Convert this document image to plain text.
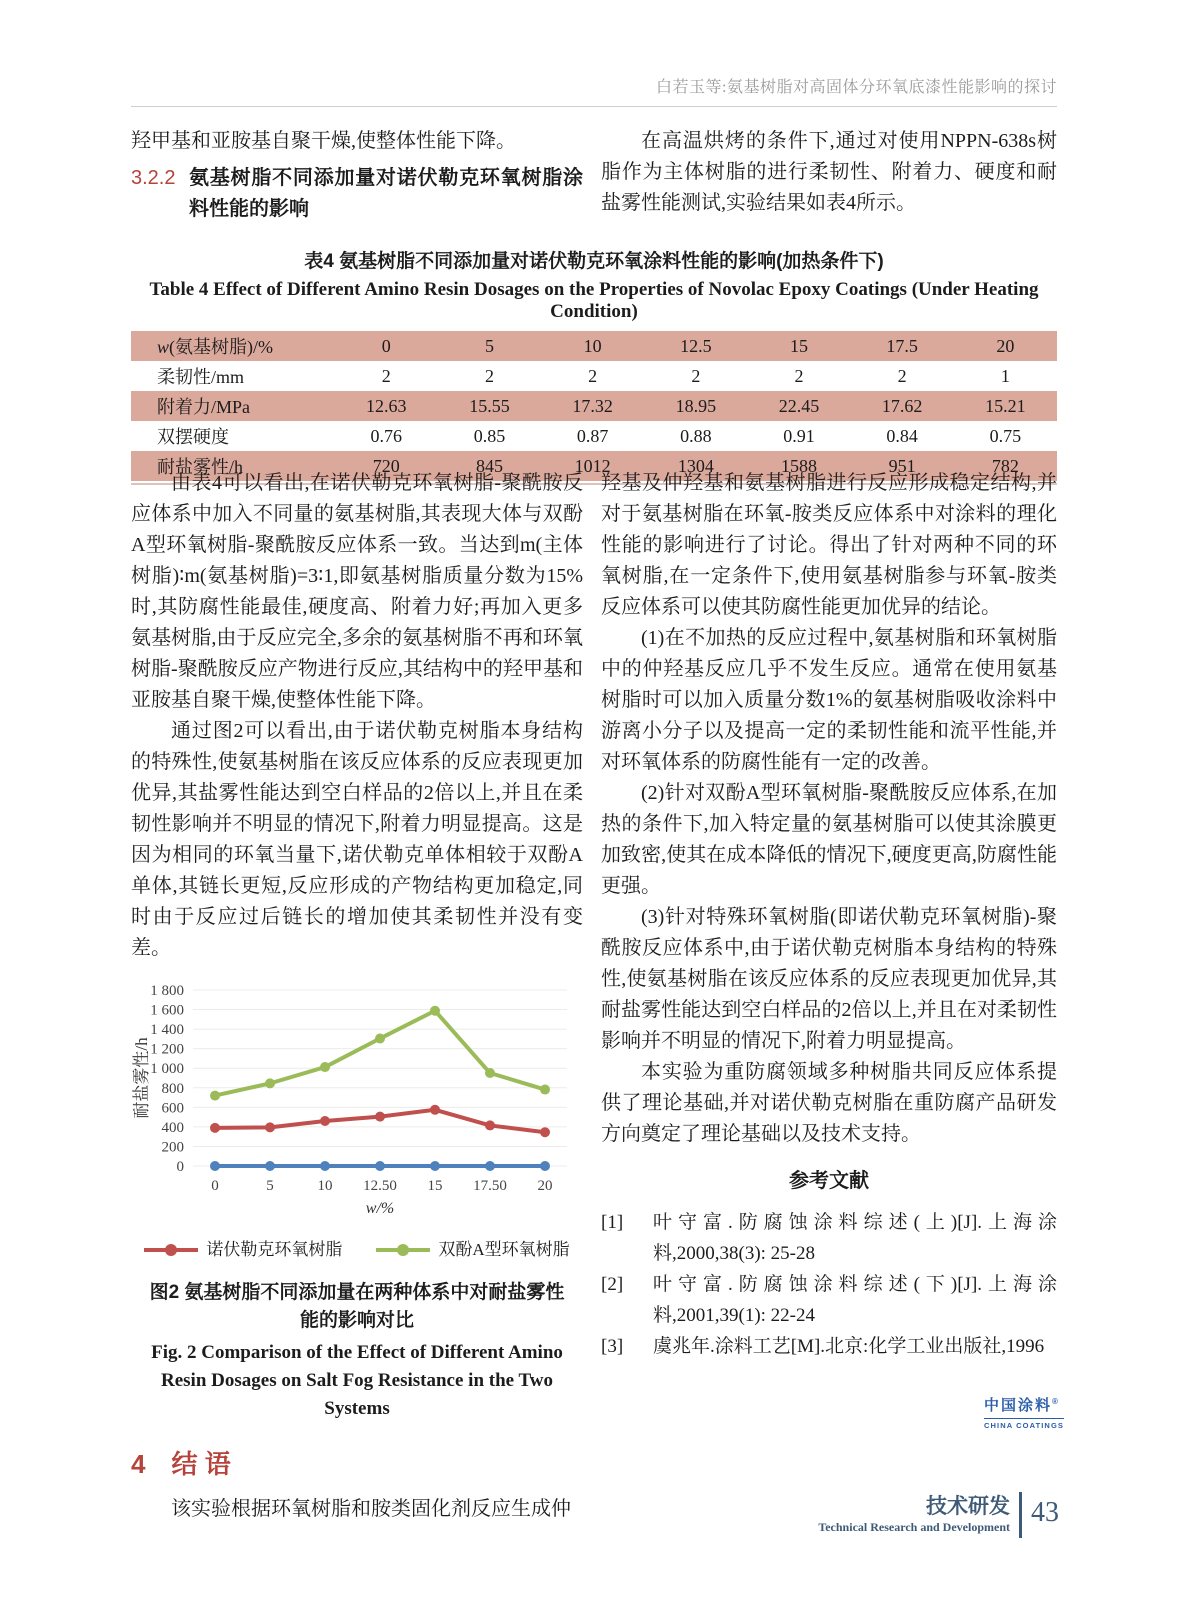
白若玉等:氨基树脂对高固体分环氧底漆性能影响的探讨

羟甲基和亚胺基自聚干燥,使整体性能下降。

3.2.2 氨基树脂不同添加量对诺伏勒克环氧树脂涂料性能的影响

在高温烘烤的条件下,通过对使用NPPN-638s树脂作为主体树脂的进行柔韧性、附着力、硬度和耐盐雾性能测试,实验结果如表4所示。

表4 氨基树脂不同添加量对诺伏勒克环氧涂料性能的影响(加热条件下)

Table 4 Effect of Different Amino Resin Dosages on the Properties of Novolac Epoxy Coatings (Under Heating Condition)

w(氨基树脂)/%	0	5	10	12.5	15	17.5	20
柔韧性/mm	2	2	2	2	2	2	1
附着力/MPa	12.63	15.55	17.32	18.95	22.45	17.62	15.21
双摆硬度	0.76	0.85	0.87	0.88	0.91	0.84	0.75
耐盐雾性/h	720	845	1012	1304	1588	951	782

由表4可以看出,在诺伏勒克环氧树脂-聚酰胺反应体系中加入不同量的氨基树脂,其表现大体与双酚A型环氧树脂-聚酰胺反应体系一致。当达到m(主体树脂)∶m(氨基树脂)=3∶1,即氨基树脂质量分数为15%时,其防腐性能最佳,硬度高、附着力好;再加入更多氨基树脂,由于反应完全,多余的氨基树脂不再和环氧树脂-聚酰胺反应产物进行反应,其结构中的羟甲基和亚胺基自聚干燥,使整体性能下降。

通过图2可以看出,由于诺伏勒克树脂本身结构的特殊性,使氨基树脂在该反应体系的反应表现更加优异,其盐雾性能达到空白样品的2倍以上,并且在柔韧性影响并不明显的情况下,附着力明显提高。这是因为相同的环氧当量下,诺伏勒克单体相较于双酚A单体,其链长更短,反应形成的产物结构更加稳定,同时由于反应过后链长的增加使其柔韧性并没有变差。

0
200
400
600
800
1 000
1 200
1 400
1 600
1 800
0	5	10 12.50 15 17.50 20
w/%
耐盐雾性/h
诺伏勒克环氧树脂	双酚A型环氧树脂

图2 氨基树脂不同添加量在两种体系中对耐盐雾性能的影响对比

Fig. 2 Comparison of the Effect of Different Amino Resin Dosages on Salt Fog Resistance in the Two Systems

4 结 语

该实验根据环氧树脂和胺类固化剂反应生成仲

羟基及仲羟基和氨基树脂进行反应形成稳定结构,并对于氨基树脂在环氧-胺类反应体系中对涂料的理化性能的影响进行了讨论。得出了针对两种不同的环氧树脂,在一定条件下,使用氨基树脂参与环氧-胺类反应体系可以使其防腐性能更加优异的结论。

(1)在不加热的反应过程中,氨基树脂和环氧树脂中的仲羟基反应几乎不发生反应。通常在使用氨基树脂时可以加入质量分数1%的氨基树脂吸收涂料中游离小分子以及提高一定的柔韧性能和流平性能,并对环氧体系的防腐性能有一定的改善。

(2)针对双酚A型环氧树脂-聚酰胺反应体系,在加热的条件下,加入特定量的氨基树脂可以使其涂膜更加致密,使其在成本降低的情况下,硬度更高,防腐性能更强。

(3)针对特殊环氧树脂(即诺伏勒克环氧树脂)-聚酰胺反应体系中,由于诺伏勒克树脂本身结构的特殊性,使氨基树脂在该反应体系的反应表现更加优异,其耐盐雾性能达到空白样品的2倍以上,并且在对柔韧性影响并不明显的情况下,附着力明显提高。

本实验为重防腐领域多种树脂共同反应体系提供了理论基础,并对诺伏勒克树脂在重防腐产品研发方向奠定了理论基础以及技术支持。

参考文献

[1]	叶守富.防腐蚀涂料综述(上)[J].上海涂料,2000,38(3): 25-28
[2]	叶守富.防腐蚀涂料综述(下)[J].上海涂料,2001,39(1): 22-24
[3]	虞兆年.涂料工艺[M].北京:化学工业出版社,1996
中国涂料®
CHINA COATINGS
技术研发
Technical Research and Development 43
